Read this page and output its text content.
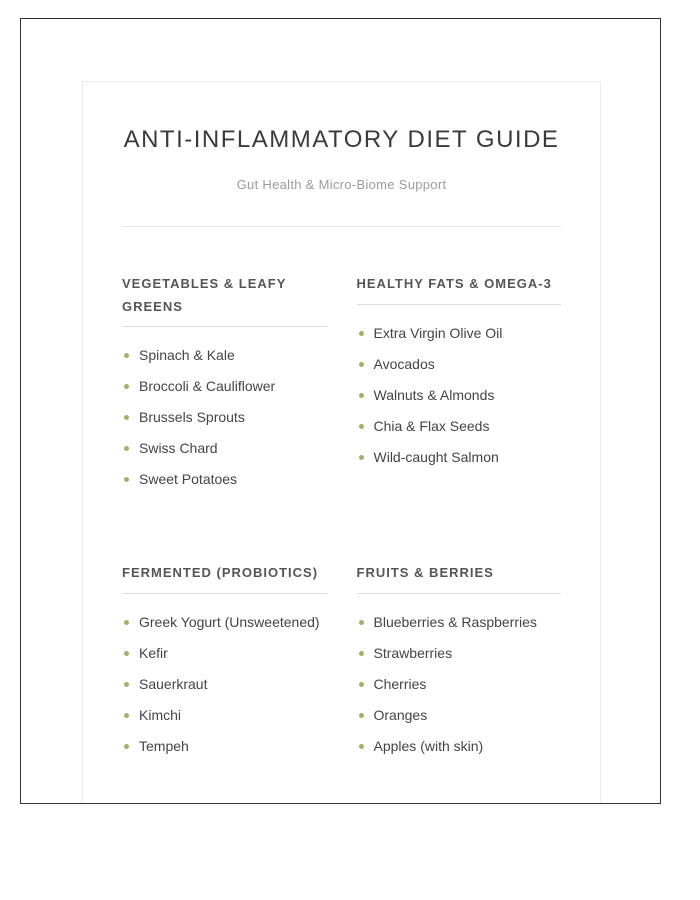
ANTI-INFLAMMATORY DIET GUIDE
Gut Health & Micro-Biome Support
VEGETABLES & LEAFY GREENS
Spinach & Kale
Broccoli & Cauliflower
Brussels Sprouts
Swiss Chard
Sweet Potatoes
HEALTHY FATS & OMEGA-3
Extra Virgin Olive Oil
Avocados
Walnuts & Almonds
Chia & Flax Seeds
Wild-caught Salmon
FERMENTED (PROBIOTICS)
Greek Yogurt (Unsweetened)
Kefir
Sauerkraut
Kimchi
Tempeh
FRUITS & BERRIES
Blueberries & Raspberries
Strawberries
Cherries
Oranges
Apples (with skin)
